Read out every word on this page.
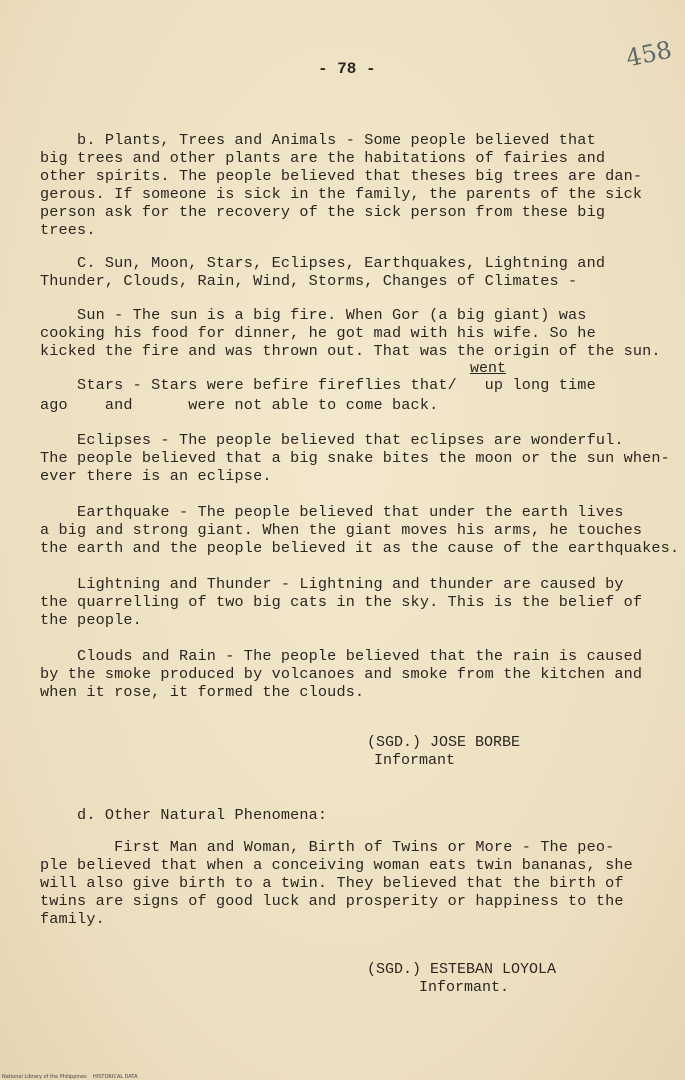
- 78 -	458
b. Plants, Trees and Animals - Some people believed that
big trees and other plants are the habitations of fairies and
other spirits. The people believed that theses big trees are dan-
gerous. If someone is sick in the family, the parents of the sick
person ask for the recovery of the sick person from these big
trees.
C. Sun, Moon, Stars, Eclipses, Earthquakes, Lightning and
Thunder, Clouds, Rain, Wind, Storms, Changes of Climates -
Sun - The sun is a big fire. When Gor (a big giant) was
cooking his food for dinner, he got mad with his wife. So he
kicked the fire and was thrown out. That was the origin of the sun.
went
Stars - Stars were befire fireflies that/   up long time
ago    and      were not able to come back.
Eclipses - The people believed that eclipses are wonderful.
The people believed that a big snake bites the moon or the sun when-
ever there is an eclipse.
Earthquake - The people believed that under the earth lives
a big and strong giant. When the giant moves his arms, he touches
the earth and the people believed it as the cause of the earthquakes.
Lightning and Thunder - Lightning and thunder are caused by
the quarrelling of two big cats in the sky. This is the belief of
the people.
Clouds and Rain - The people believed that the rain is caused
by the smoke produced by volcanoes and smoke from the kitchen and
when it rose, it formed the clouds.
(SGD.) JOSE BORBE
Informant
d. Other Natural Phenomena:
First Man and Woman, Birth of Twins or More - The peo-
ple believed that when a conceiving woman eats twin bananas, she
will also give birth to a twin. They believed that the birth of
twins are signs of good luck and prosperity or happiness to the
family.
(SGD.) ESTEBAN LOYOLA
Informant.
National Library of the Philippines    HISTORICAL DATA
